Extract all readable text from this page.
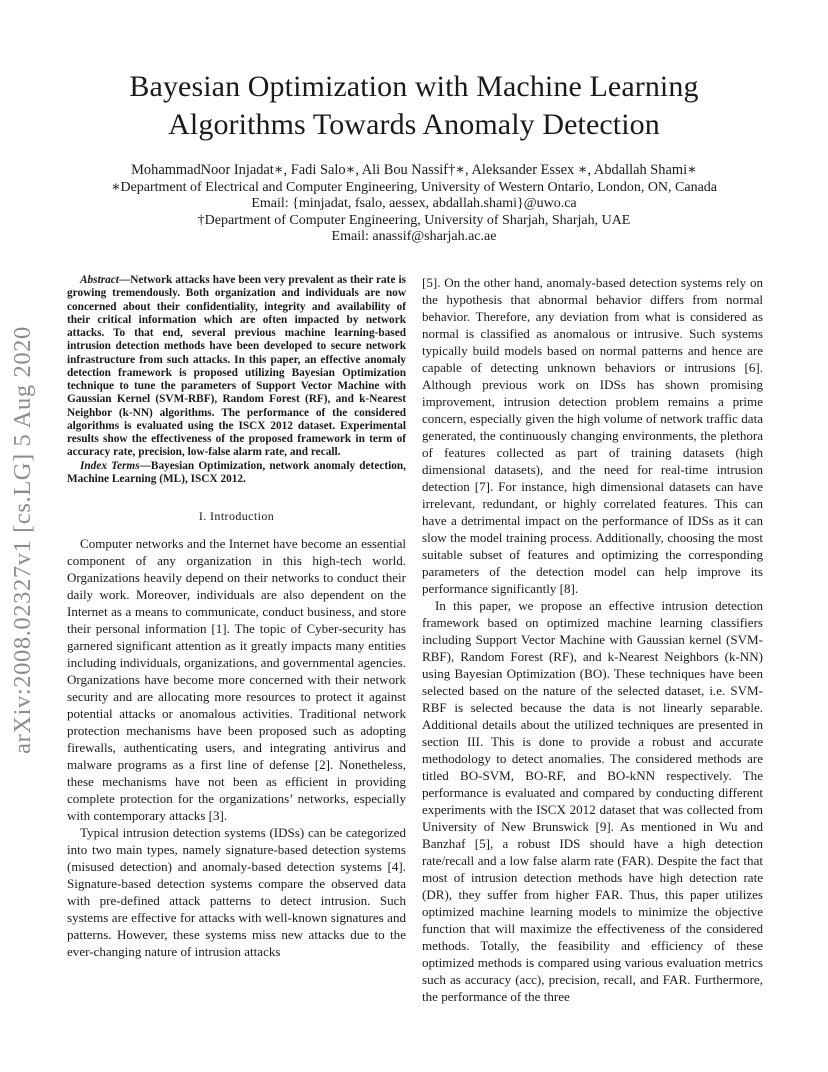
Bayesian Optimization with Machine Learning
Algorithms Towards Anomaly Detection
MohammadNoor Injadat∗, Fadi Salo∗, Ali Bou Nassif†∗, Aleksander Essex ∗, Abdallah Shami∗
∗Department of Electrical and Computer Engineering, University of Western Ontario, London, ON, Canada
Email: {minjadat, fsalo, aessex, abdallah.shami}@uwo.ca
†Department of Computer Engineering, University of Sharjah, Sharjah, UAE
Email: anassif@sharjah.ac.ae
arXiv:2008.02327v1 [cs.LG] 5 Aug 2020

Abstract—Network attacks have been very prevalent as their rate is growing tremendously. Both organization and individuals are now concerned about their confidentiality, integrity and availability of their critical information which are often impacted by network attacks. To that end, several previous machine learning-based intrusion detection methods have been developed to secure network infrastructure from such attacks. In this paper, an effective anomaly detection framework is proposed utilizing Bayesian Optimization technique to tune the parameters of Support Vector Machine with Gaussian Kernel (SVM-RBF), Random Forest (RF), and k-Nearest Neighbor (k-NN) algorithms. The performance of the considered algorithms is evaluated using the ISCX 2012 dataset. Experimental results show the effectiveness of the proposed framework in term of accuracy rate, precision, low-false alarm rate, and recall.

Index Terms—Bayesian Optimization, network anomaly detection, Machine Learning (ML), ISCX 2012.

I. Introduction

Computer networks and the Internet have become an essential component of any organization in this high-tech world. Organizations heavily depend on their networks to conduct their daily work. Moreover, individuals are also dependent on the Internet as a means to communicate, conduct business, and store their personal information [1]. The topic of Cyber-security has garnered significant attention as it greatly impacts many entities including individuals, organizations, and governmental agencies. Organizations have become more concerned with their network security and are allocating more resources to protect it against potential attacks or anomalous activities. Traditional network protection mechanisms have been proposed such as adopting firewalls, authenticating users, and integrating antivirus and malware programs as a first line of defense [2]. Nonetheless, these mechanisms have not been as efficient in providing complete protection for the organizations’ networks, especially with contemporary attacks [3].

Typical intrusion detection systems (IDSs) can be categorized into two main types, namely signature-based detection systems (misused detection) and anomaly-based detection systems [4]. Signature-based detection systems compare the observed data with pre-defined attack patterns to detect intrusion. Such systems are effective for attacks with well-known signatures and patterns. However, these systems miss new attacks due to the ever-changing nature of intrusion attacks

[5]. On the other hand, anomaly-based detection systems rely on the hypothesis that abnormal behavior differs from normal behavior. Therefore, any deviation from what is considered as normal is classified as anomalous or intrusive. Such systems typically build models based on normal patterns and hence are capable of detecting unknown behaviors or intrusions [6]. Although previous work on IDSs has shown promising improvement, intrusion detection problem remains a prime concern, especially given the high volume of network traffic data generated, the continuously changing environments, the plethora of features collected as part of training datasets (high dimensional datasets), and the need for real-time intrusion detection [7]. For instance, high dimensional datasets can have irrelevant, redundant, or highly correlated features. This can have a detrimental impact on the performance of IDSs as it can slow the model training process. Additionally, choosing the most suitable subset of features and optimizing the corresponding parameters of the detection model can help improve its performance significantly [8].

In this paper, we propose an effective intrusion detection framework based on optimized machine learning classifiers including Support Vector Machine with Gaussian kernel (SVM-RBF), Random Forest (RF), and k-Nearest Neighbors (k-NN) using Bayesian Optimization (BO). These techniques have been selected based on the nature of the selected dataset, i.e. SVM-RBF is selected because the data is not linearly separable. Additional details about the utilized techniques are presented in section III. This is done to provide a robust and accurate methodology to detect anomalies. The considered methods are titled BO-SVM, BO-RF, and BO-kNN respectively. The performance is evaluated and compared by conducting different experiments with the ISCX 2012 dataset that was collected from University of New Brunswick [9]. As mentioned in Wu and Banzhaf [5], a robust IDS should have a high detection rate/recall and a low false alarm rate (FAR). Despite the fact that most of intrusion detection methods have high detection rate (DR), they suffer from higher FAR. Thus, this paper utilizes optimized machine learning models to minimize the objective function that will maximize the effectiveness of the considered methods. Totally, the feasibility and efficiency of these optimized methods is compared using various evaluation metrics such as accuracy (acc), precision, recall, and FAR. Furthermore, the performance of the three
